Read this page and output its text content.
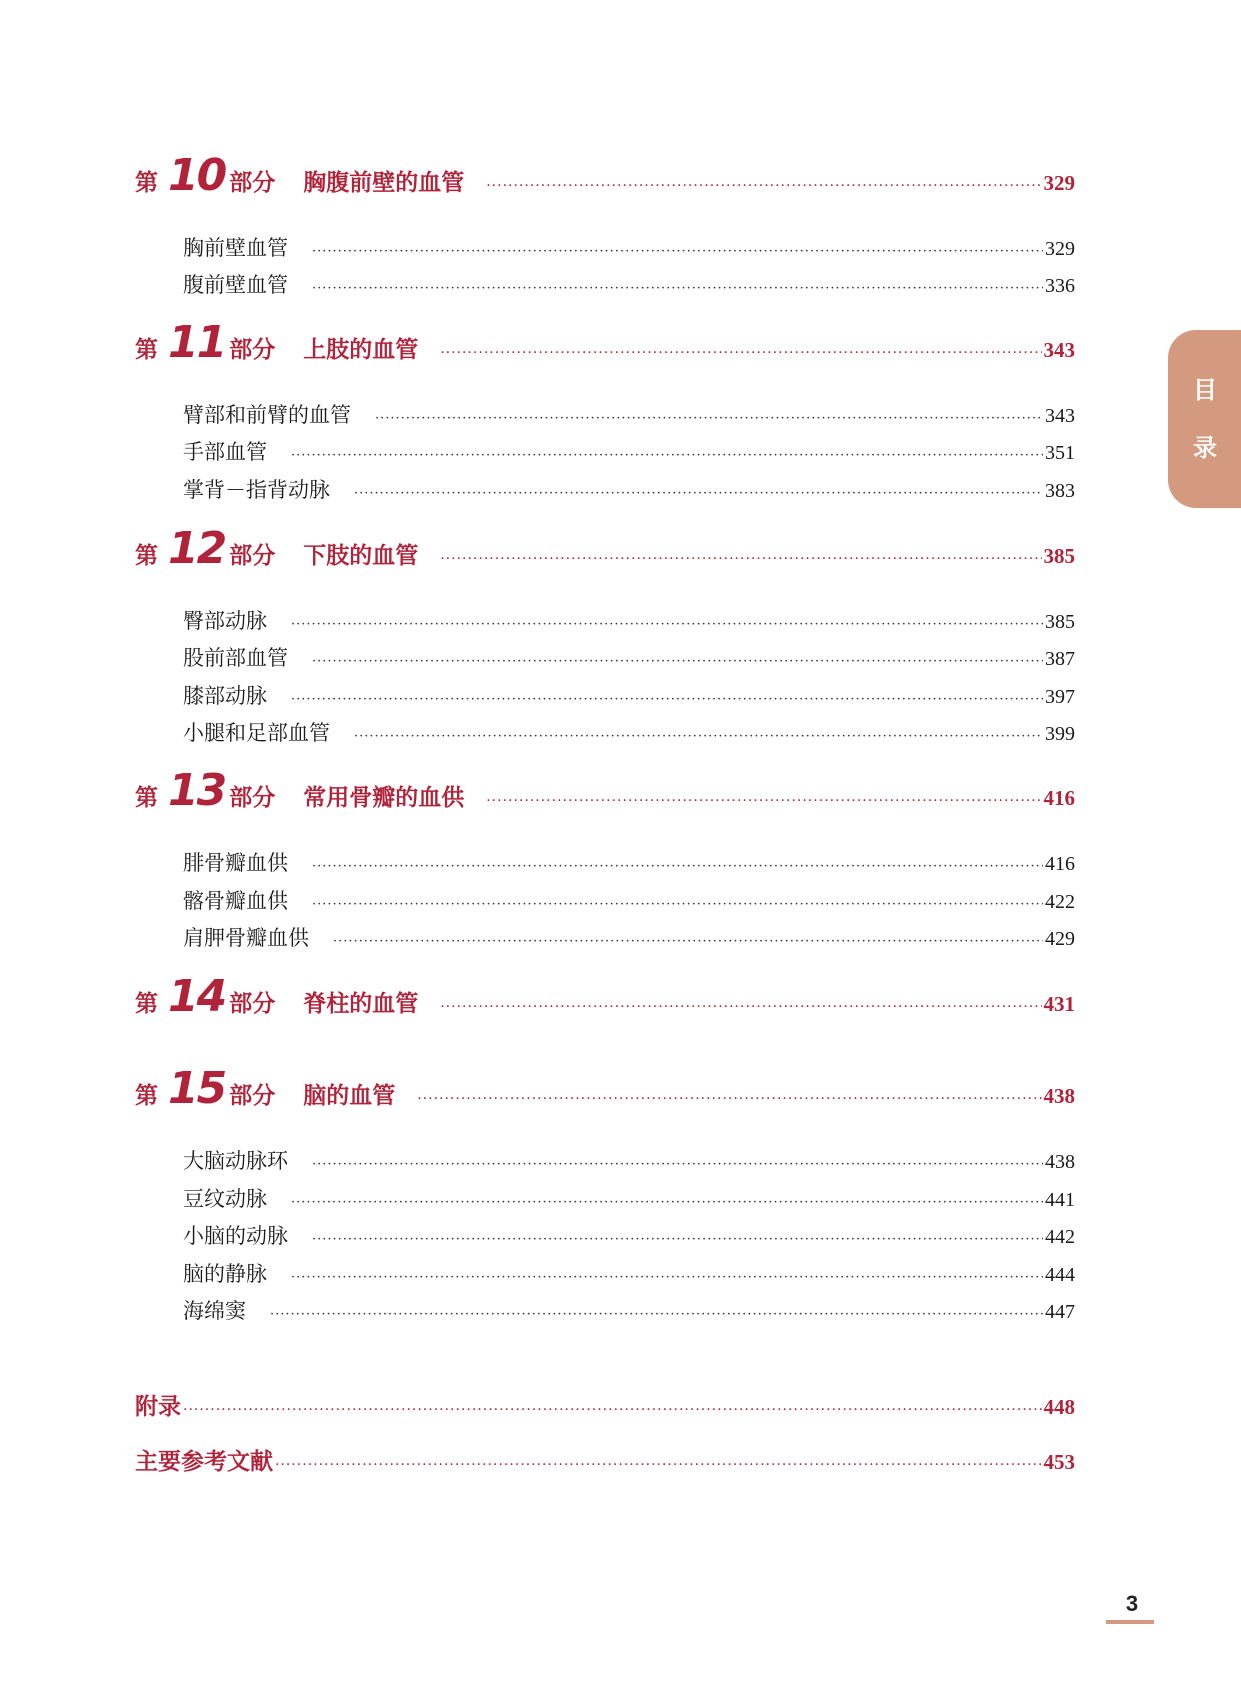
第 10 部分 胸腹前壁的血管 ·····	329
胸前壁血管 ·····	329
腹前壁血管 ·····	336
第 11 部分 上肢的血管 ·····	343
臂部和前臂的血管 ·····	343
手部血管 ·····	351
掌背－指背动脉 ·····	383
第 12 部分 下肢的血管 ·····	385
臀部动脉 ·····	385
股前部血管 ·····	387
膝部动脉 ·····	397
小腿和足部血管 ·····	399
第 13 部分 常用骨瓣的血供 ·····	416
腓骨瓣血供 ·····	416
髂骨瓣血供 ·····	422
肩胛骨瓣血供 ·····	429
第 14 部分 脊柱的血管 ·····	431
第 15 部分 脑的血管 ·····	438
大脑动脉环 ·····	438
豆纹动脉 ·····	441
小脑的动脉 ·····	442
脑的静脉 ·····	444
海绵窦 ·····	447
附录 ·····	448
主要参考文献 ·····	453
目
录
3
